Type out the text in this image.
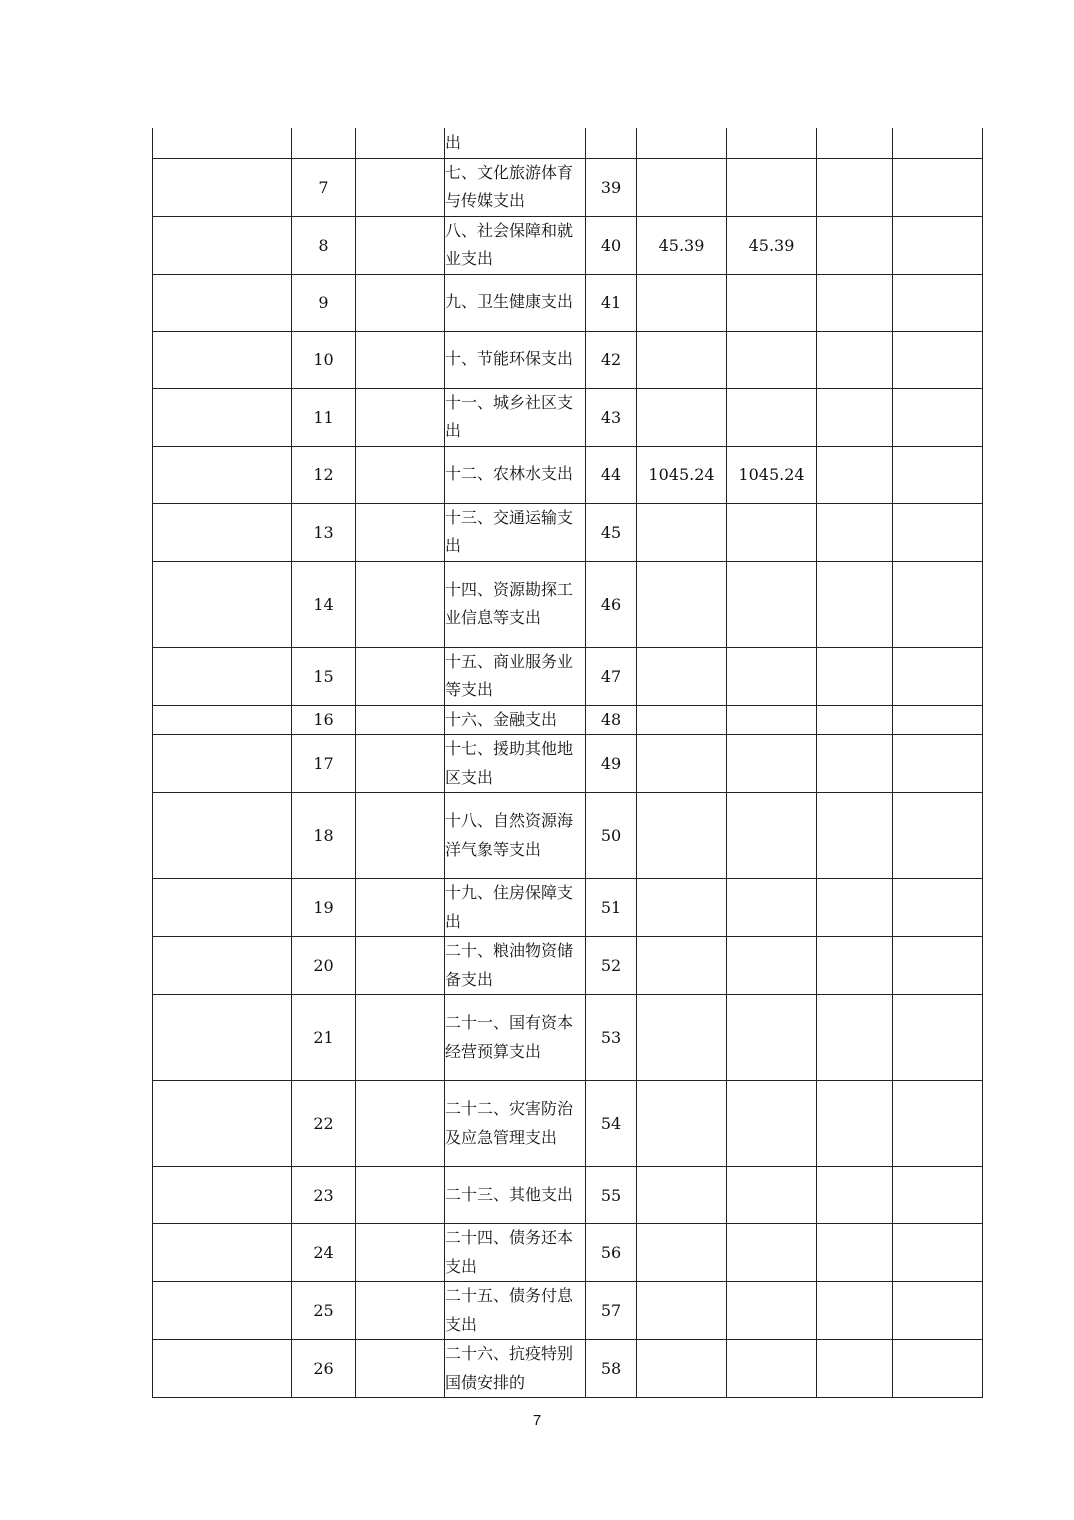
			出					
	7		七、文化旅游体育与传媒支出	39				
	8		八、社会保障和就业支出	40	45.39	45.39		
	9		九、卫生健康支出	41				
	10		十、节能环保支出	42				
	11		十一、城乡社区支出	43				
	12		十二、农林水支出	44	1045.24	1045.24		
	13		十三、交通运输支出	45				
	14		十四、资源勘探工业信息等支出	46				
	15		十五、商业服务业等支出	47				
	16		十六、金融支出	48				
	17		十七、援助其他地区支出	49				
	18		十八、自然资源海洋气象等支出	50				
	19		十九、住房保障支出	51				
	20		二十、粮油物资储备支出	52				
	21		二十一、国有资本经营预算支出	53				
	22		二十二、灾害防治及应急管理支出	54				
	23		二十三、其他支出	55				
	24		二十四、债务还本支出	56				
	25		二十五、债务付息支出	57				
	26		二十六、抗疫特别国债安排的	58				
7
